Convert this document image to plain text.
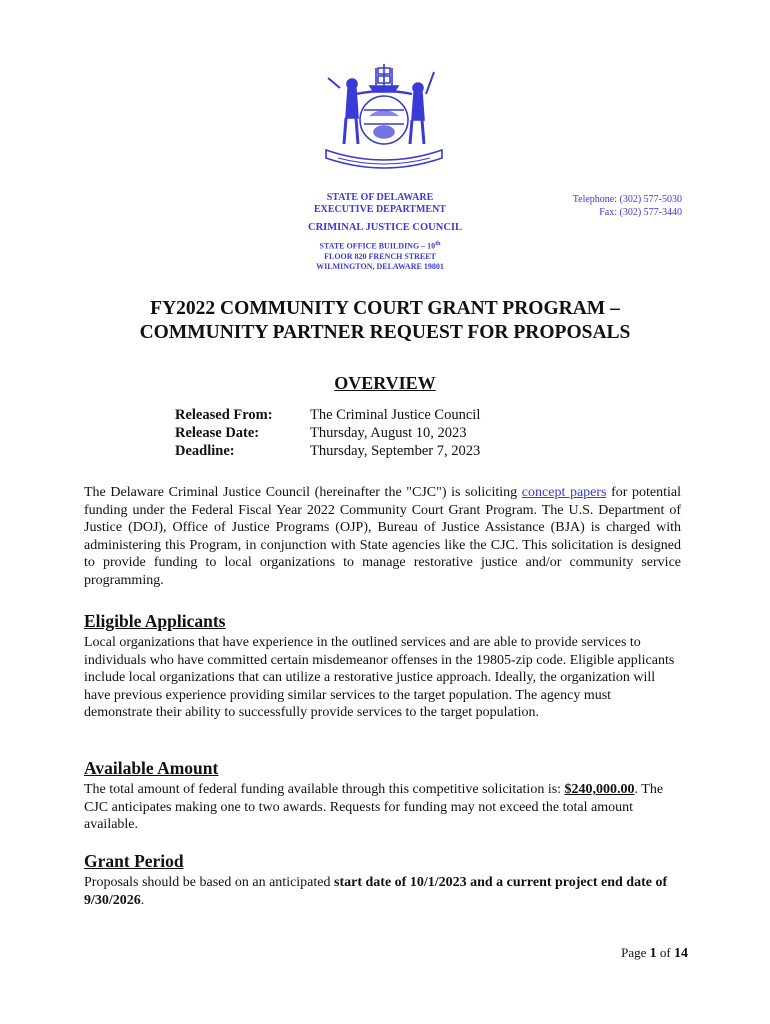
STATE OF DELAWARE
EXECUTIVE DEPARTMENT
Telephone: (302) 577-5030
Fax: (302) 577-3440
CRIMINAL JUSTICE COUNCIL
STATE OFFICE BUILDING – 10th
FLOOR 820 FRENCH STREET
WILMINGTON, DELAWARE 19801
FY2022 COMMUNITY COURT GRANT PROGRAM –
COMMUNITY PARTNER REQUEST FOR PROPOSALS
OVERVIEW
Released From:	The Criminal Justice Council
Release Date:	Thursday, August 10, 2023
Deadline:	Thursday, September 7, 2023
The Delaware Criminal Justice Council (hereinafter the "CJC") is soliciting concept papers for potential funding under the Federal Fiscal Year 2022 Community Court Grant Program. The U.S. Department of Justice (DOJ), Office of Justice Programs (OJP), Bureau of Justice Assistance (BJA) is charged with administering this Program, in conjunction with State agencies like the CJC. This solicitation is designed to provide funding to local organizations to manage restorative justice and/or community service programming.
Eligible Applicants
Local organizations that have experience in the outlined services and are able to provide services to individuals who have committed certain misdemeanor offenses in the 19805-zip code. Eligible applicants include local organizations that can utilize a restorative justice approach. Ideally, the organization will have previous experience providing similar services to the target population. The agency must demonstrate their ability to successfully provide services to the target population.
Available Amount
The total amount of federal funding available through this competitive solicitation is: $240,000.00. The CJC anticipates making one to two awards. Requests for funding may not exceed the total amount available.
Grant Period
Proposals should be based on an anticipated start date of 10/1/2023 and a current project end date of 9/30/2026.
Page 1 of 14
